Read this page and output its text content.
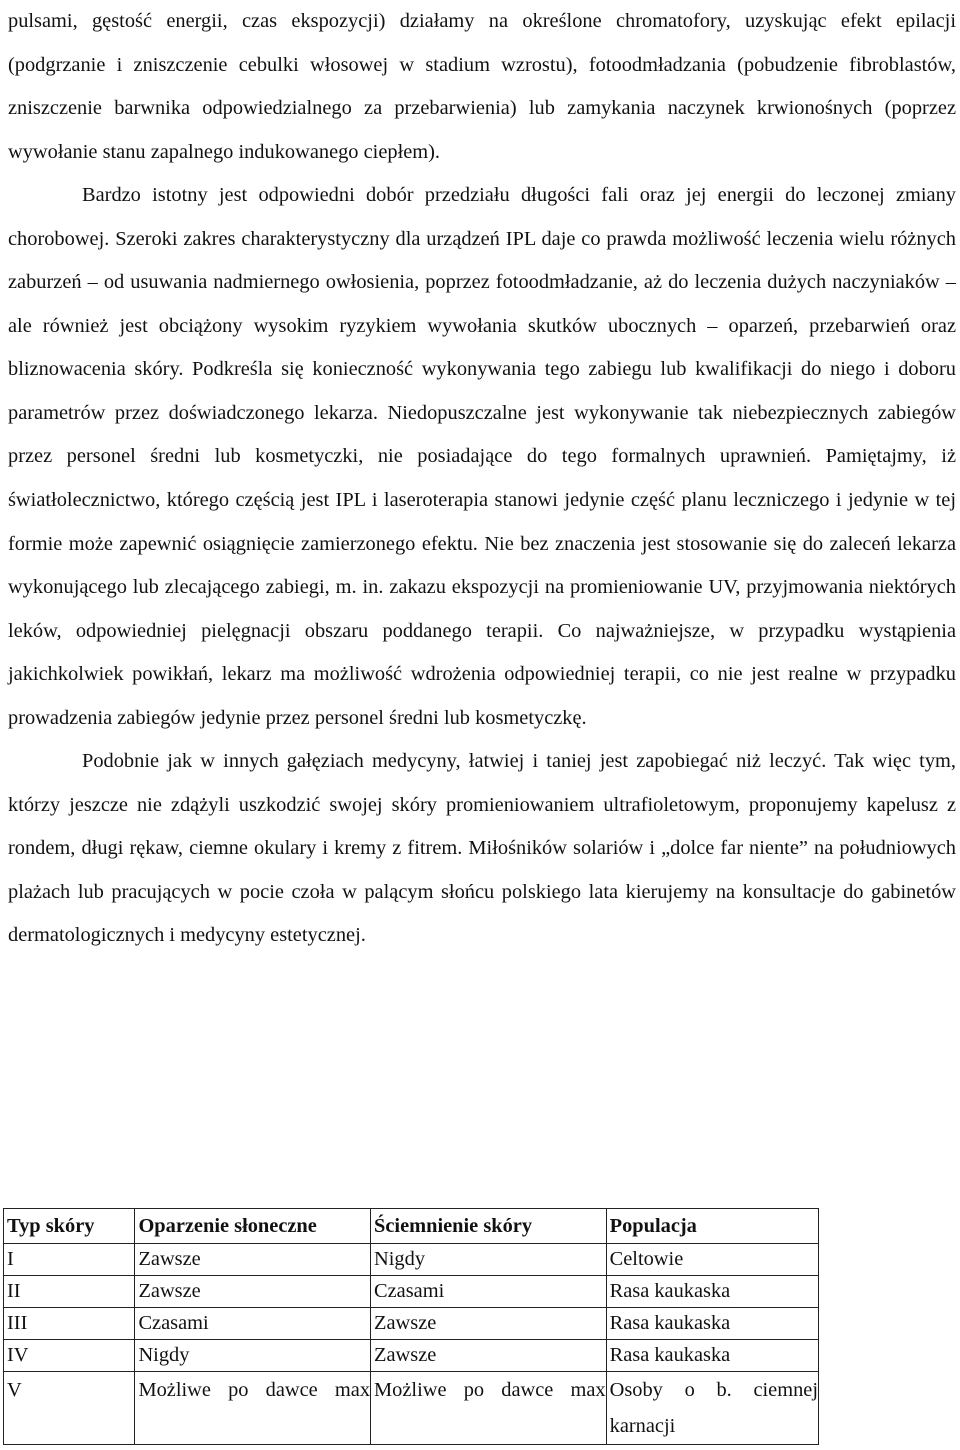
pulsami, gęstość energii, czas ekspozycji) działamy na określone chromatofory, uzyskując efekt epilacji (podgrzanie i zniszczenie cebulki włosowej w stadium wzrostu), fotoodmładzania (pobudzenie fibroblastów, zniszczenie barwnika odpowiedzialnego za przebarwienia) lub zamykania naczynek krwionośnych (poprzez wywołanie stanu zapalnego indukowanego ciepłem).

Bardzo istotny jest odpowiedni dobór przedziału długości fali oraz jej energii do leczonej zmiany chorobowej. Szeroki zakres charakterystyczny dla urządzeń IPL daje co prawda możliwość leczenia wielu różnych zaburzeń – od usuwania nadmiernego owłosienia, poprzez fotoodmładzanie, aż do leczenia dużych naczyniaków – ale również jest obciążony wysokim ryzykiem wywołania skutków ubocznych – oparzeń, przebarwień oraz bliznowacenia skóry. Podkreśla się konieczność wykonywania tego zabiegu lub kwalifikacji do niego i doboru parametrów przez doświadczonego lekarza. Niedopuszczalne jest wykonywanie tak niebezpiecznych zabiegów przez personel średni lub kosmetyczki, nie posiadające do tego formalnych uprawnień. Pamiętajmy, iż światłolecznictwo, którego częścią jest IPL i laseroterapia stanowi jedynie część planu leczniczego i jedynie w tej formie może zapewnić osiągnięcie zamierzonego efektu. Nie bez znaczenia jest stosowanie się do zaleceń lekarza wykonującego lub zlecającego zabiegi, m. in. zakazu ekspozycji na promieniowanie UV, przyjmowania niektórych leków, odpowiedniej pielęgnacji obszaru poddanego terapii. Co najważniejsze, w przypadku wystąpienia jakichkolwiek powikłań, lekarz ma możliwość wdrożenia odpowiedniej terapii, co nie jest realne w przypadku prowadzenia zabiegów jedynie przez personel średni lub kosmetyczkę.

Podobnie jak w innych gałęziach medycyny, łatwiej i taniej jest zapobiegać niż leczyć. Tak więc tym, którzy jeszcze nie zdążyli uszkodzić swojej skóry promieniowaniem ultrafioletowym, proponujemy kapelusz z rondem, długi rękaw, ciemne okulary i kremy z fitrem. Miłośników solariów i „dolce far niente” na południowych plażach lub pracujących w pocie czoła w palącym słońcu polskiego lata kierujemy na konsultacje do gabinetów dermatologicznych i medycyny estetycznej.

Typ skóry	Oparzenie słoneczne	Ściemnienie skóry	Populacja
I	Zawsze	Nigdy	Celtowie
II	Zawsze	Czasami	Rasa kaukaska
III	Czasami	Zawsze	Rasa kaukaska
IV	Nigdy	Zawsze	Rasa kaukaska
V	Możliwe po dawce max	Możliwe po dawce max	Osoby o b. ciemnej karnacji
